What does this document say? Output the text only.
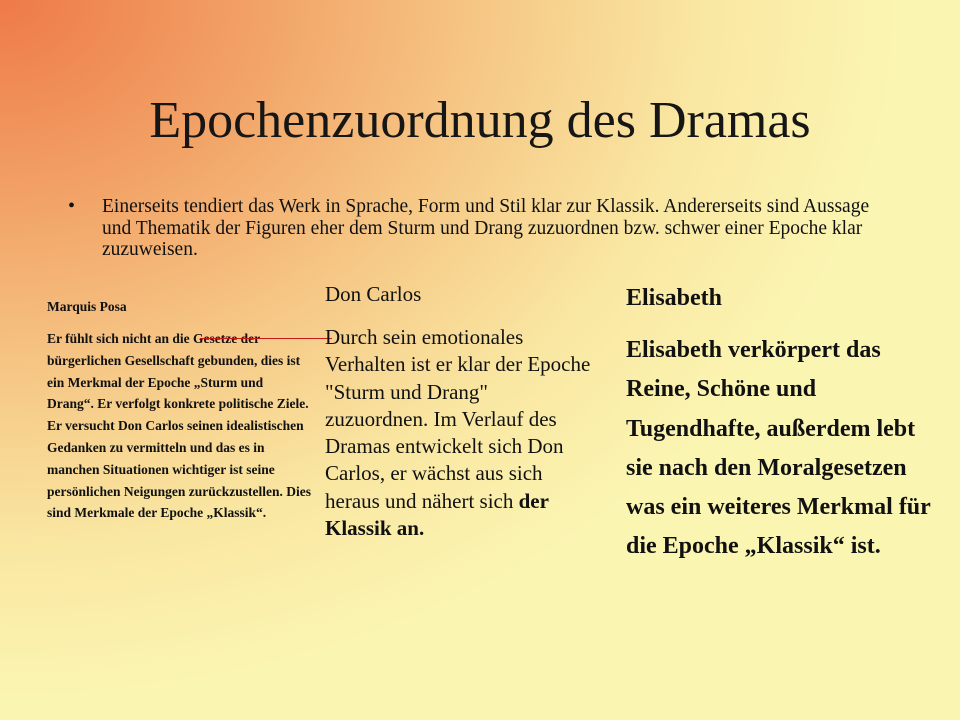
Epochenzuordnung des Dramas
•	Einerseits tendiert das Werk in Sprache, Form und Stil klar zur Klassik. Andererseits sind Aussage und Thematik der Figuren eher dem Sturm und Drang zuzuordnen bzw. schwer einer Epoche klar zuzuweisen.

Marquis Posa

Er fühlt sich nicht an die Gesetze der bürgerlichen Gesellschaft gebunden, dies ist ein Merkmal der Epoche „Sturm und Drang“. Er verfolgt konkrete politische Ziele. Er versucht Don Carlos seinen idealistischen Gedanken zu vermitteln und das es in manchen Situationen wichtiger ist seine persönlichen Neigungen zurückzustellen. Dies sind Merkmale der Epoche „Klassik“.

Don Carlos

Durch sein emotionales Verhalten ist er klar der Epoche "Sturm und Drang" zuzuordnen. Im Verlauf des Dramas entwickelt sich Don Carlos, er wächst aus sich heraus und nähert sich der Klassik an.

Elisabeth

Elisabeth verkörpert das Reine, Schöne und Tugendhafte, außerdem lebt sie nach den Moralgesetzen was ein weiteres Merkmal für die Epoche „Klassik“ ist.
